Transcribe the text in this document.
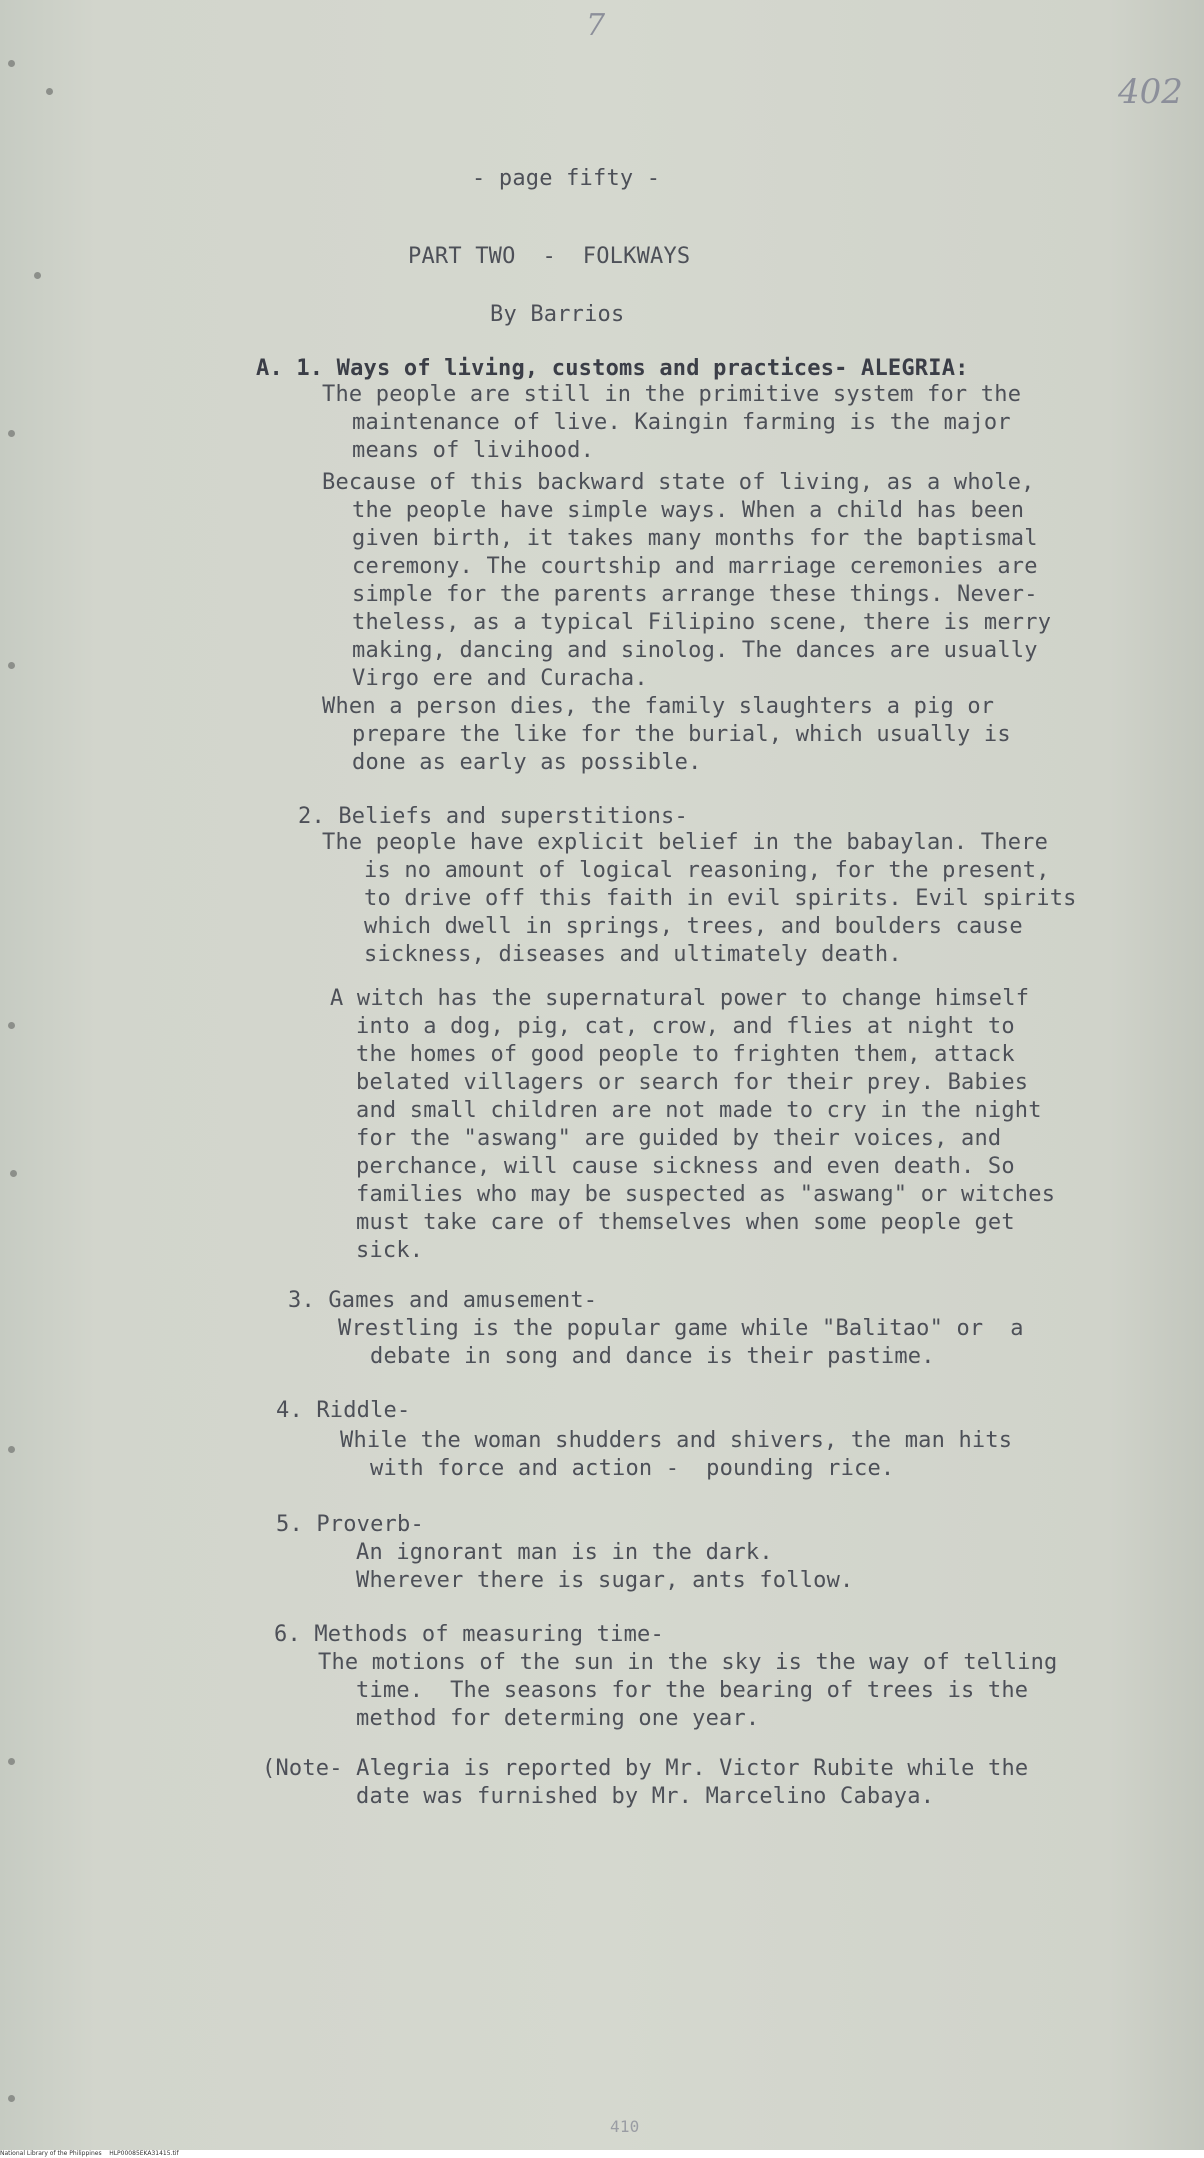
7
402
- page fifty -
PART TWO  -  FOLKWAYS
By Barrios
A. 1. Ways of living, customs and practices- ALEGRIA:
The people are still in the primitive system for the
maintenance of live. Kaingin farming is the major
means of livihood.
Because of this backward state of living, as a whole,
the people have simple ways. When a child has been
given birth, it takes many months for the baptismal
ceremony. The courtship and marriage ceremonies are
simple for the parents arrange these things. Never-
theless, as a typical Filipino scene, there is merry
making, dancing and sinolog. The dances are usually
Virgo ere and Curacha.
When a person dies, the family slaughters a pig or
prepare the like for the burial, which usually is
done as early as possible.
2. Beliefs and superstitions-
The people have explicit belief in the babaylan. There
is no amount of logical reasoning, for the present,
to drive off this faith in evil spirits. Evil spirits
which dwell in springs, trees, and boulders cause
sickness, diseases and ultimately death.
A witch has the supernatural power to change himself
into a dog, pig, cat, crow, and flies at night to
the homes of good people to frighten them, attack
belated villagers or search for their prey. Babies
and small children are not made to cry in the night
for the "aswang" are guided by their voices, and
perchance, will cause sickness and even death. So
families who may be suspected as "aswang" or witches
must take care of themselves when some people get
sick.
3. Games and amusement-
Wrestling is the popular game while "Balitao" or  a
debate in song and dance is their pastime.
4. Riddle-
While the woman shudders and shivers, the man hits
with force and action -  pounding rice.
5. Proverb-
An ignorant man is in the dark.
Wherever there is sugar, ants follow.
6. Methods of measuring time-
The motions of the sun in the sky is the way of telling
time.  The seasons for the bearing of trees is the
method for determing one year.
(Note- Alegria is reported by Mr. Victor Rubite while the
date was furnished by Mr. Marcelino Cabaya.
410
National Library of the Philippines    HLP00085EKA31415.tif
